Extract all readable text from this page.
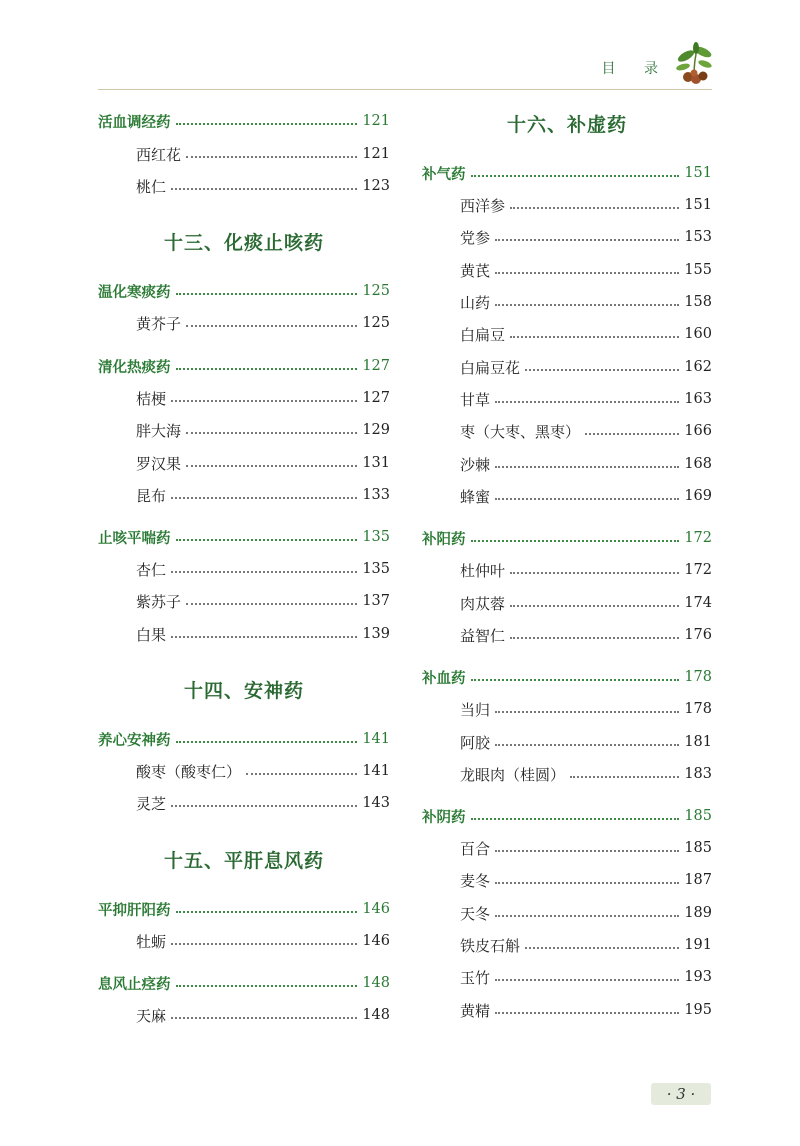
目 录
活血调经药	121
西红花	121
桃仁	123
十三、化痰止咳药
温化寒痰药	125
黄芥子	125
清化热痰药	127
桔梗	127
胖大海	129
罗汉果	131
昆布	133
止咳平喘药	135
杏仁	135
紫苏子	137
白果	139
十四、安神药
养心安神药	141
酸枣（酸枣仁）	141
灵芝	143
十五、平肝息风药
平抑肝阳药	146
牡蛎	146
息风止痉药	148
天麻	148
十六、补虚药
补气药	151
西洋参	151
党参	153
黄芪	155
山药	158
白扁豆	160
白扁豆花	162
甘草	163
枣（大枣、黑枣）	166
沙棘	168
蜂蜜	169
补阳药	172
杜仲叶	172
肉苁蓉	174
益智仁	176
补血药	178
当归	178
阿胶	181
龙眼肉（桂圆）	183
补阴药	185
百合	185
麦冬	187
天冬	189
铁皮石斛	191
玉竹	193
黄精	195
· 3 ·
